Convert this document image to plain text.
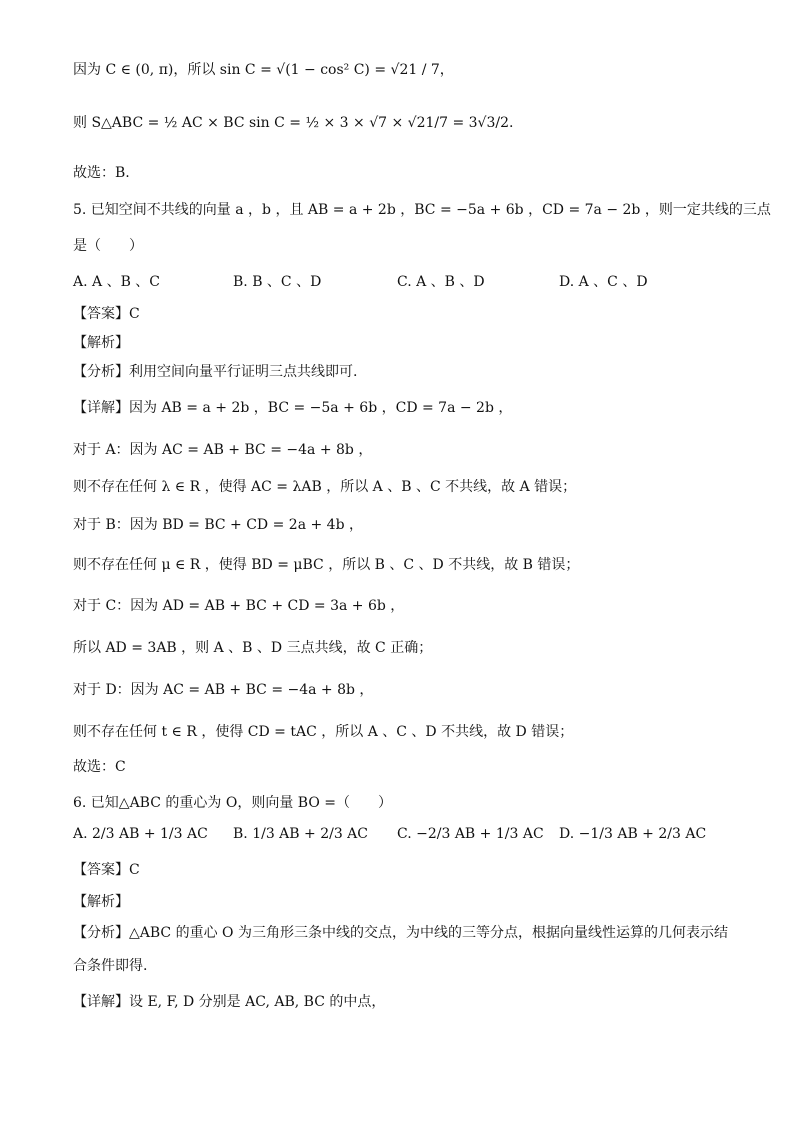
因为 C ∈ (0, π)，所以 sin C = √(1 − cos² C) = √21 / 7，
则 S△ABC = ½ AC × BC sin C = ½ × 3 × √7 × √21/7 = 3√3/2.
故选：B.
5. 已知空间不共线的向量 a ，b ，且 AB = a + 2b ，BC = −5a + 6b ，CD = 7a − 2b ，则一定共线的三点
是（　　）
A. A 、B 、C	B. B 、C 、D	C. A 、B 、D	D. A 、C 、D
【答案】C
【解析】
【分析】利用空间向量平行证明三点共线即可.
【详解】因为 AB = a + 2b ，BC = −5a + 6b ，CD = 7a − 2b ，
对于 A：因为 AC = AB + BC = −4a + 8b ，
则不存在任何 λ ∈ R ，使得 AC = λAB ，所以 A 、B 、C 不共线，故 A 错误；
对于 B：因为 BD = BC + CD = 2a + 4b ，
则不存在任何 μ ∈ R ，使得 BD = μBC ，所以 B 、C 、D 不共线，故 B 错误；
对于 C：因为 AD = AB + BC + CD = 3a + 6b ，
所以 AD = 3AB ，则 A 、B 、D 三点共线，故 C 正确；
对于 D：因为 AC = AB + BC = −4a + 8b ，
则不存在任何 t ∈ R ，使得 CD = tAC ，所以 A 、C 、D 不共线，故 D 错误；
故选：C
6. 已知△ABC 的重心为 O，则向量 BO =（　　）
A. 2/3 AB + 1/3 AC B. 1/3 AB + 2/3 AC C. −2/3 AB + 1/3 AC D. −1/3 AB + 2/3 AC
【答案】C
【解析】
【分析】△ABC 的重心 O 为三角形三条中线的交点，为中线的三等分点，根据向量线性运算的几何表示结
合条件即得.
【详解】设 E, F, D 分别是 AC, AB, BC 的中点，
